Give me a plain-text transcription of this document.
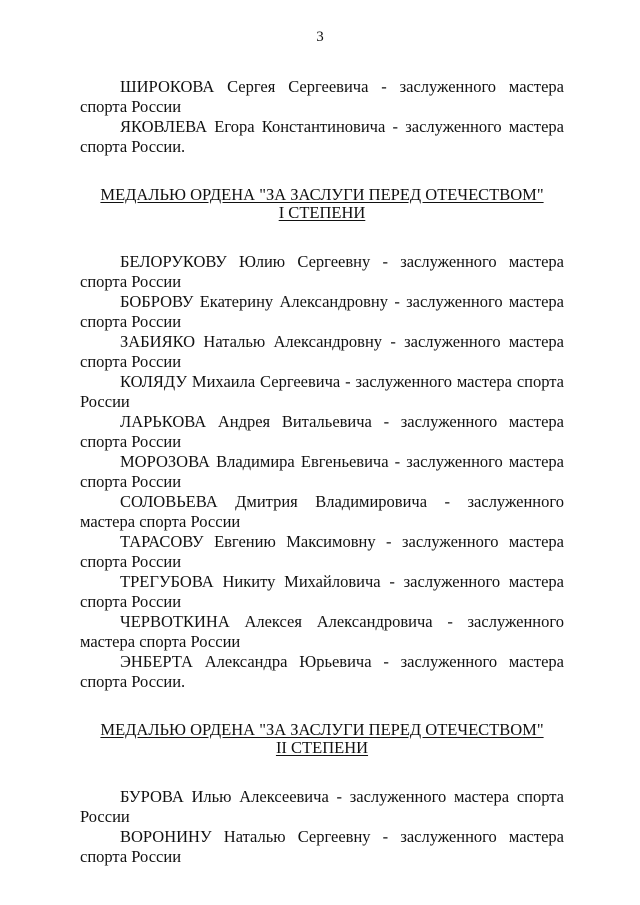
3

ШИРОКОВА Сергея Сергеевича - заслуженного мастера спорта России

ЯКОВЛЕВА Егора Константиновича - заслуженного мастера спорта России.

МЕДАЛЬЮ ОРДЕНА "ЗА ЗАСЛУГИ ПЕРЕД ОТЕЧЕСТВОМ"
I СТЕПЕНИ

БЕЛОРУКОВУ Юлию Сергеевну - заслуженного мастера спорта России

БОБРОВУ Екатерину Александровну - заслуженного мастера спорта России

ЗАБИЯКО Наталью Александровну - заслуженного мастера спорта России

КОЛЯДУ Михаила Сергеевича - заслуженного мастера спорта России

ЛАРЬКОВА Андрея Витальевича - заслуженного мастера спорта России

МОРОЗОВА Владимира Евгеньевича - заслуженного мастера спорта России

СОЛОВЬЕВА Дмитрия Владимировича - заслуженного мастера спорта России

ТАРАСОВУ Евгению Максимовну - заслуженного мастера спорта России

ТРЕГУБОВА Никиту Михайловича - заслуженного мастера спорта России

ЧЕРВОТКИНА Алексея Александровича - заслуженного мастера спорта России

ЭНБЕРТА Александра Юрьевича - заслуженного мастера спорта России.

МЕДАЛЬЮ ОРДЕНА "ЗА ЗАСЛУГИ ПЕРЕД ОТЕЧЕСТВОМ"
II СТЕПЕНИ

БУРОВА Илью Алексеевича - заслуженного мастера спорта России

ВОРОНИНУ Наталью Сергеевну - заслуженного мастера спорта России
